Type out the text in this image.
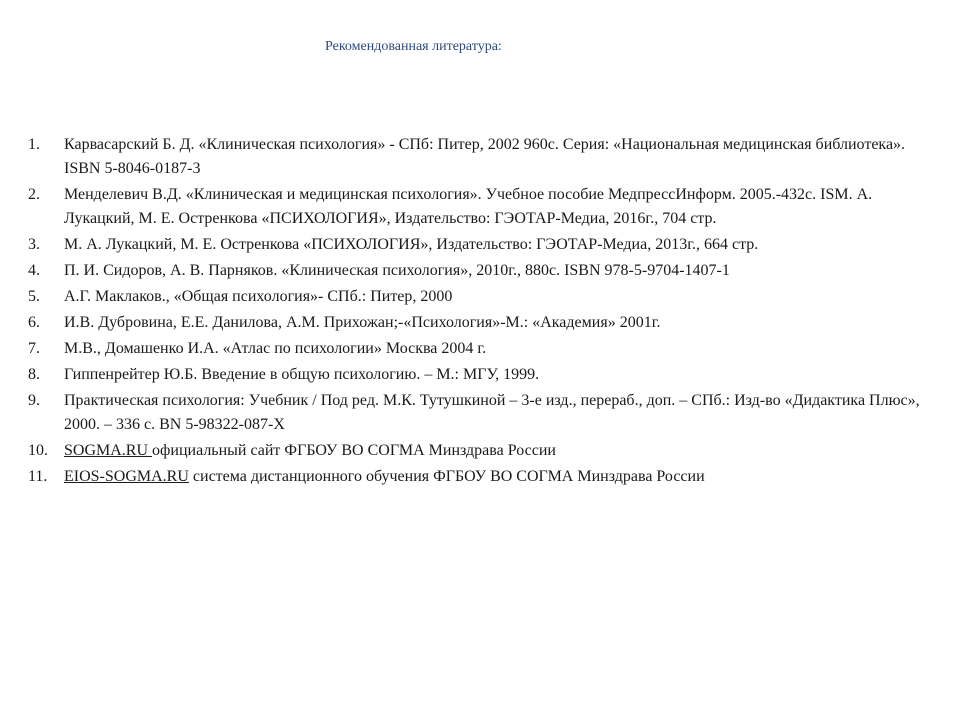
Рекомендованная литература:
1.	Карвасарский Б. Д. «Клиническая психология» - СПб: Питер, 2002 960с. Серия: «Национальная медицинская библиотека». ISBN 5-8046-0187-3
2.	Менделевич В.Д. «Клиническая и медицинская психология». Учебное пособие МедпрессИнформ. 2005.-432с. ISM. А. Лукацкий, М. Е. Остренкова «ПСИХОЛОГИЯ», Издательство: ГЭОТАР-Медиа, 2016г., 704 стр.
3.	М. А. Лукацкий, М. Е. Остренкова «ПСИХОЛОГИЯ», Издательство: ГЭОТАР-Медиа, 2013г., 664 стр.
4.	П. И. Сидоров, А. В. Парняков. «Клиническая психология», 2010г., 880с. ISBN 978-5-9704-1407-1
5.	А.Г. Маклаков., «Общая психология»- СПб.: Питер, 2000
6.	И.В. Дубровина, Е.Е. Данилова, А.М. Прихожан;-«Психология»-М.: «Академия» 2001г.
7.	М.В., Домашенко И.А. «Атлас по психологии» Москва 2004 г.
8.	Гиппенрейтер Ю.Б. Введение в общую психологию. – М.: МГУ, 1999.
9.	Практическая психология: Учебник / Под ред. М.К. Тутушкиной – 3-е изд., перераб., доп. – СПб.: Изд-во «Дидактика Плюс», 2000. – 336 с. BN 5-98322-087-Х
10.	SOGMA.RU официальный сайт ФГБОУ ВО СОГМА Минздрава России
11.	EIOS-SOGMA.RU система дистанционного обучения ФГБОУ ВО СОГМА Минздрава России
